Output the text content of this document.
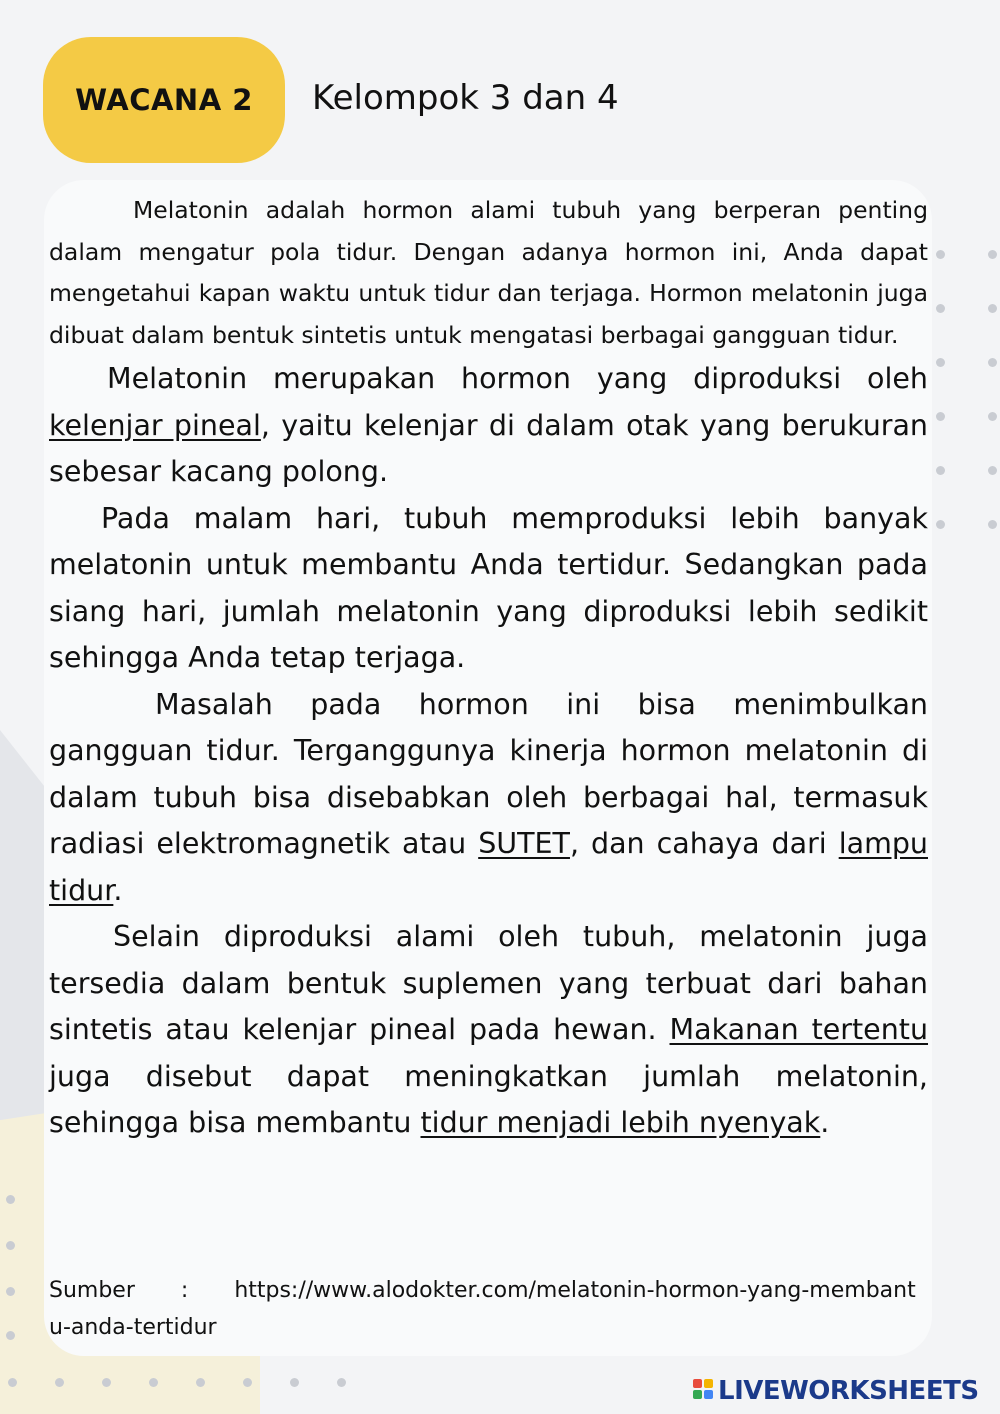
WACANA 2	Kelompok 3 dan 4

Melatonin adalah hormon alami tubuh yang berperan penting dalam mengatur pola tidur. Dengan adanya hormon ini, Anda dapat mengetahui kapan waktu untuk tidur dan terjaga. Hormon melatonin juga dibuat dalam bentuk sintetis untuk mengatasi berbagai gangguan tidur.

Melatonin merupakan hormon yang diproduksi oleh kelenjar pineal, yaitu kelenjar di dalam otak yang berukuran sebesar kacang polong.

Pada malam hari, tubuh memproduksi lebih banyak melatonin untuk membantu Anda tertidur. Sedangkan pada siang hari, jumlah melatonin yang diproduksi lebih sedikit sehingga Anda tetap terjaga.

Masalah pada hormon ini bisa menimbulkan gangguan tidur. Terganggunya kinerja hormon melatonin di dalam tubuh bisa disebabkan oleh berbagai hal, termasuk radiasi elektromagnetik atau SUTET, dan cahaya dari lampu tidur.

Selain diproduksi alami oleh tubuh, melatonin juga tersedia dalam bentuk suplemen yang terbuat dari bahan sintetis atau kelenjar pineal pada hewan. Makanan tertentu juga disebut dapat meningkatkan jumlah melatonin, sehingga bisa membantu tidur menjadi lebih nyenyak.

Sumber : https://www.alodokter.com/melatonin-hormon-yang-membantu-anda-tertidur
LIVEWORKSHEETS
